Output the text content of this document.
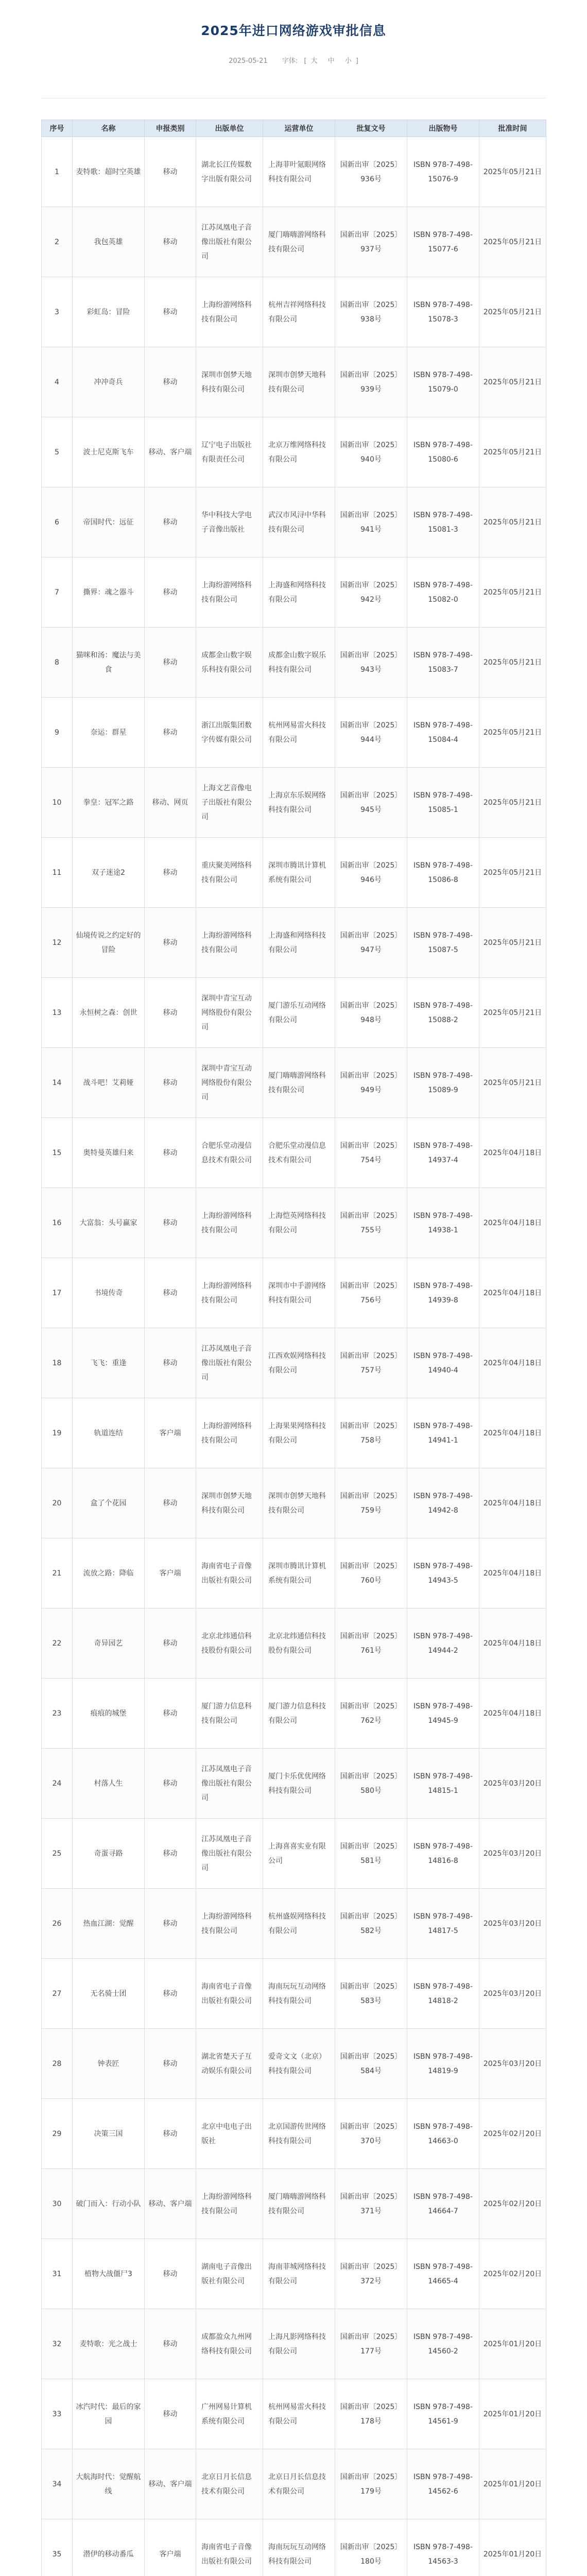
2025年进口网络游戏审批信息
2025-05-21 字体: [ 大 中 小 ]
序号	名称	申报类别	出版单位	运营单位	批复文号	出版物号	批准时间
1	麦特歌：超时空英雄	移动	湖北长江传媒数字出版有限公司	上海菲叶氪眼网络科技有限公司	国新出审〔2025〕936号	ISBN 978-7-498-15076-9	2025年05月21日
2	我包英雄	移动	江苏凤凰电子音像出版社有限公司	厦门嗨嗨游网络科技有限公司	国新出审〔2025〕937号	ISBN 978-7-498-15077-6	2025年05月21日
3	彩虹岛：冒险	移动	上海纷游网络科技有限公司	杭州吉祥网络科技有限公司	国新出审〔2025〕938号	ISBN 978-7-498-15078-3	2025年05月21日
4	冲冲奇兵	移动	深圳市创梦天地科技有限公司	深圳市创梦天地科技有限公司	国新出审〔2025〕939号	ISBN 978-7-498-15079-0	2025年05月21日
5	波士尼克斯飞车	移动、客户端	辽宁电子出版社有限责任公司	北京万维网络科技有限公司	国新出审〔2025〕940号	ISBN 978-7-498-15080-6	2025年05月21日
6	帝国时代：远征	移动	华中科技大学电子音像出版社	武汉市风浔中华科技有限公司	国新出审〔2025〕941号	ISBN 978-7-498-15081-3	2025年05月21日
7	撕界：魂之器斗	移动	上海纷游网络科技有限公司	上海盛和网络科技有限公司	国新出审〔2025〕942号	ISBN 978-7-498-15082-0	2025年05月21日
8	猫咪和汤：魔法与美食	移动	成都金山数字娱乐科技有限公司	成都金山数字娱乐科技有限公司	国新出审〔2025〕943号	ISBN 978-7-498-15083-7	2025年05月21日
9	奈运：群星	移动	浙江出版集团数字传媒有限公司	杭州网易雷火科技有限公司	国新出审〔2025〕944号	ISBN 978-7-498-15084-4	2025年05月21日
10	拳皇：冠军之路	移动、网页	上海文艺音像电子出版社有限公司	上海京东乐娱网络科技有限公司	国新出审〔2025〕945号	ISBN 978-7-498-15085-1	2025年05月21日
11	双子迷途2	移动	重庆聚美网络科技有限公司	深圳市腾讯计算机系统有限公司	国新出审〔2025〕946号	ISBN 978-7-498-15086-8	2025年05月21日
12	仙境传说之约定好的冒险	移动	上海纷游网络科技有限公司	上海盛和网络科技有限公司	国新出审〔2025〕947号	ISBN 978-7-498-15087-5	2025年05月21日
13	永恒树之森：创世	移动	深圳中青宝互动网络股份有限公司	厦门游乐互动网络有限公司	国新出审〔2025〕948号	ISBN 978-7-498-15088-2	2025年05月21日
14	战斗吧！艾莉娅	移动	深圳中青宝互动网络股份有限公司	厦门嗨嗨游网络科技有限公司	国新出审〔2025〕949号	ISBN 978-7-498-15089-9	2025年05月21日
15	奥特曼英雄归来	移动	合肥乐堂动漫信息技术有限公司	合肥乐堂动漫信息技术有限公司	国新出审〔2025〕754号	ISBN 978-7-498-14937-4	2025年04月18日
16	大富翁：头号赢家	移动	上海纷游网络科技有限公司	上海恺英网络科技有限公司	国新出审〔2025〕755号	ISBN 978-7-498-14938-1	2025年04月18日
17	书境传奇	移动	上海纷游网络科技有限公司	深圳市中手游网络科技有限公司	国新出审〔2025〕756号	ISBN 978-7-498-14939-8	2025年04月18日
18	飞飞：重逢	移动	江苏凤凰电子音像出版社有限公司	江西欢娱网络科技有限公司	国新出审〔2025〕757号	ISBN 978-7-498-14940-4	2025年04月18日
19	轨道连结	客户端	上海纷游网络科技有限公司	上海果果网络科技有限公司	国新出审〔2025〕758号	ISBN 978-7-498-14941-1	2025年04月18日
20	盒了个花园	移动	深圳市创梦天地科技有限公司	深圳市创梦天地科技有限公司	国新出审〔2025〕759号	ISBN 978-7-498-14942-8	2025年04月18日
21	流放之路：降临	客户端	海南省电子音像出版社有限公司	深圳市腾讯计算机系统有限公司	国新出审〔2025〕760号	ISBN 978-7-498-14943-5	2025年04月18日
22	奇异园艺	移动	北京北纬通信科技股份有限公司	北京北纬通信科技股份有限公司	国新出审〔2025〕761号	ISBN 978-7-498-14944-2	2025年04月18日
23	痕痕的城堡	移动	厦门游力信息科技有限公司	厦门游力信息科技有限公司	国新出审〔2025〕762号	ISBN 978-7-498-14945-9	2025年04月18日
24	村落人生	移动	江苏凤凰电子音像出版社有限公司	厦门卡乐优优网络科技有限公司	国新出审〔2025〕580号	ISBN 978-7-498-14815-1	2025年03月20日
25	奇蛋寻路	移动	江苏凤凰电子音像出版社有限公司	上海喜喜实业有限公司	国新出审〔2025〕581号	ISBN 978-7-498-14816-8	2025年03月20日
26	热血江湖：觉醒	移动	上海纷游网络科技有限公司	杭州盛娱网络科技有限公司	国新出审〔2025〕582号	ISBN 978-7-498-14817-5	2025年03月20日
27	无名骑士团	移动	海南省电子音像出版社有限公司	海南玩玩互动网络科技有限公司	国新出审〔2025〕583号	ISBN 978-7-498-14818-2	2025年03月20日
28	钟表匠	移动	湖北省楚天子互动娱乐有限公司	爱奇文文（北京）科技有限公司	国新出审〔2025〕584号	ISBN 978-7-498-14819-9	2025年03月20日
29	决策三国	移动	北京中电电子出版社	北京国游传世网络科技有限公司	国新出审〔2025〕370号	ISBN 978-7-498-14663-0	2025年02月20日
30	破门而入：行动小队	移动、客户端	上海纷游网络科技有限公司	厦门嗨嗨游网络科技有限公司	国新出审〔2025〕371号	ISBN 978-7-498-14664-7	2025年02月20日
31	植物大战僵尸3	移动	湖南电子音像出版社有限公司	海南菲城网络科技有限公司	国新出审〔2025〕372号	ISBN 978-7-498-14665-4	2025年02月20日
32	麦特歌：光之战士	移动	成都盈众九州网络科技有限公司	上海凡影网络科技有限公司	国新出审〔2025〕177号	ISBN 978-7-498-14560-2	2025年01月20日
33	冰汽时代：最后的家园	移动	广州网易计算机系统有限公司	杭州网易雷火科技有限公司	国新出审〔2025〕178号	ISBN 978-7-498-14561-9	2025年01月20日
34	大航海时代：觉醒航线	移动、客户端	北京日月长信息技术有限公司	北京日月长信息技术有限公司	国新出审〔2025〕179号	ISBN 978-7-498-14562-6	2025年01月20日
35	潜伊的移动番瓜	客户端	海南省电子音像出版社有限公司	海南玩玩互动网络科技有限公司	国新出审〔2025〕180号	ISBN 978-7-498-14563-3	2025年01月20日
